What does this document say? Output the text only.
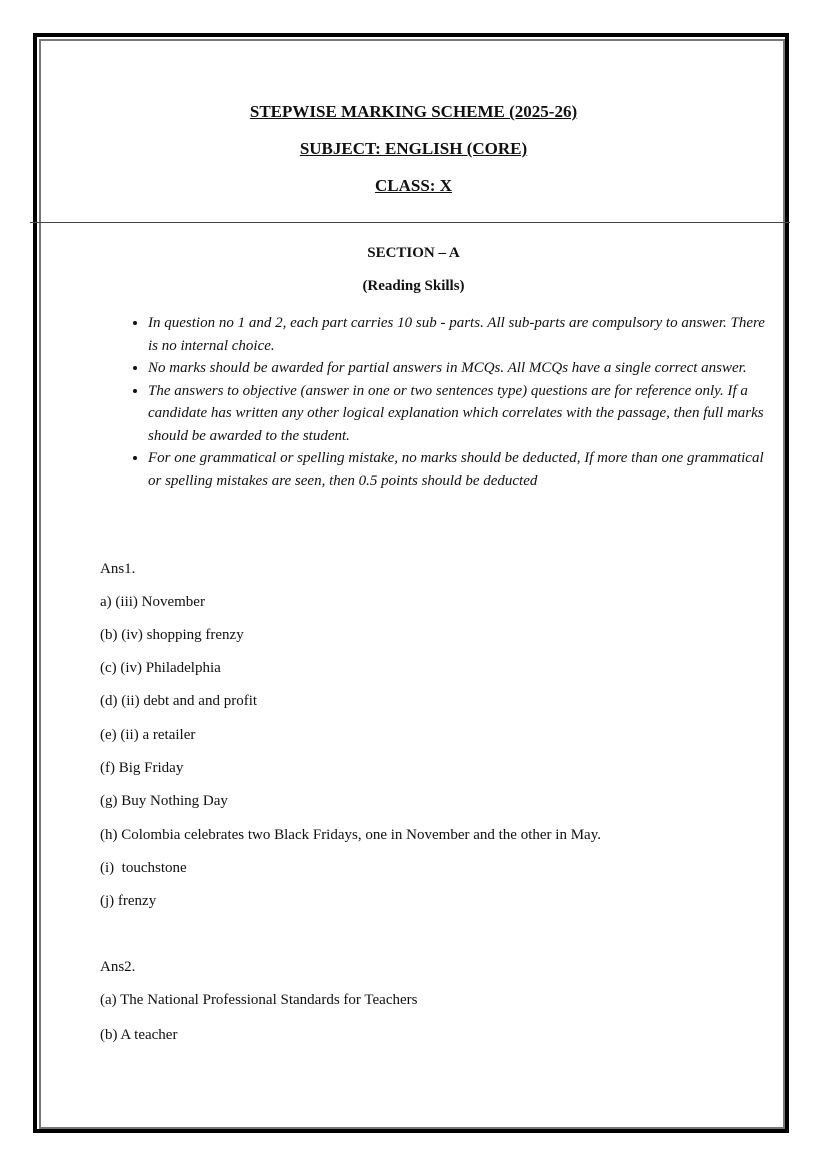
STEPWISE MARKING SCHEME (2025-26)
SUBJECT: ENGLISH (CORE)
CLASS: X
SECTION – A
(Reading Skills)
• In question no 1 and 2, each part carries 10 sub - parts. All sub-parts are compulsory to answer. There is no internal choice.
• No marks should be awarded for partial answers in MCQs. All MCQs have a single correct answer.
• The answers to objective (answer in one or two sentences type) questions are for reference only. If a candidate has written any other logical explanation which correlates with the passage, then full marks should be awarded to the student.
• For one grammatical or spelling mistake, no marks should be deducted, If more than one grammatical or spelling mistakes are seen, then 0.5 points should be deducted
Ans1.
a) (iii) November
(b) (iv) shopping frenzy
(c) (iv) Philadelphia
(d) (ii) debt and and profit
(e) (ii) a retailer
(f) Big Friday
(g) Buy Nothing Day
(h) Colombia celebrates two Black Fridays, one in November and the other in May.
(i)  touchstone
(j) frenzy
Ans2.
(a) The National Professional Standards for Teachers
(b) A teacher
